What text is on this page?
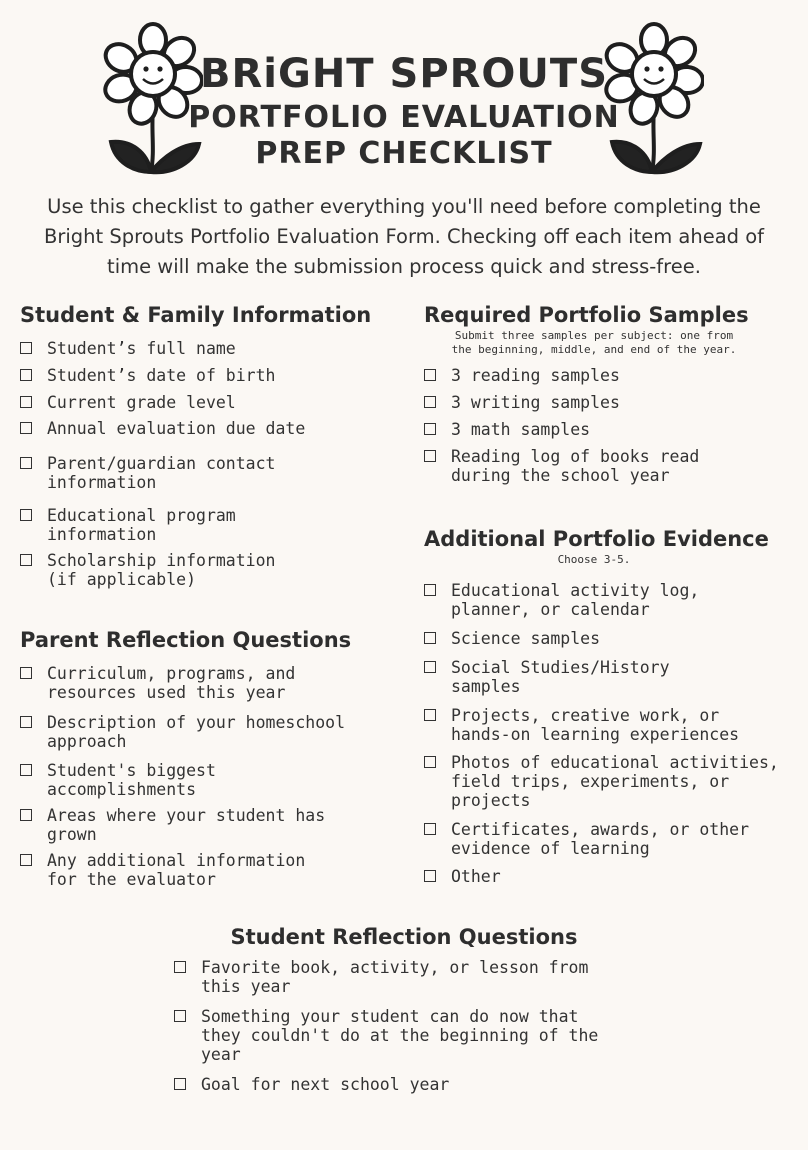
BRiGHT SPROUTS
PORTFOLIO EVALUATION
PREP CHECKLIST
Use this checklist to gather everything you'll need before completing the Bright Sprouts Portfolio Evaluation Form. Checking off each item ahead of time will make the submission process quick and stress-free.
Student & Family Information
Student’s full name
Student’s date of birth
Current grade level
Annual evaluation due date
Parent/guardian contact
information
Educational program
information
Scholarship information
(if applicable)
Parent Reflection Questions
Curriculum, programs, and
resources used this year
Description of your homeschool
approach
Student's biggest
accomplishments
Areas where your student has
grown
Any additional information
for the evaluator
Required Portfolio Samples
Submit three samples per subject: one from
the beginning, middle, and end of the year.
3 reading samples
3 writing samples
3 math samples
Reading log of books read
during the school year
Additional Portfolio Evidence
Choose 3-5.
Educational activity log,
planner, or calendar
Science samples
Social Studies/History
samples
Projects, creative work, or
hands-on learning experiences
Photos of educational activities,
field trips, experiments, or
projects
Certificates, awards, or other
evidence of learning
Other
Student Reflection Questions
Favorite book, activity, or lesson from
this year
Something your student can do now that
they couldn't do at the beginning of the
year
Goal for next school year
